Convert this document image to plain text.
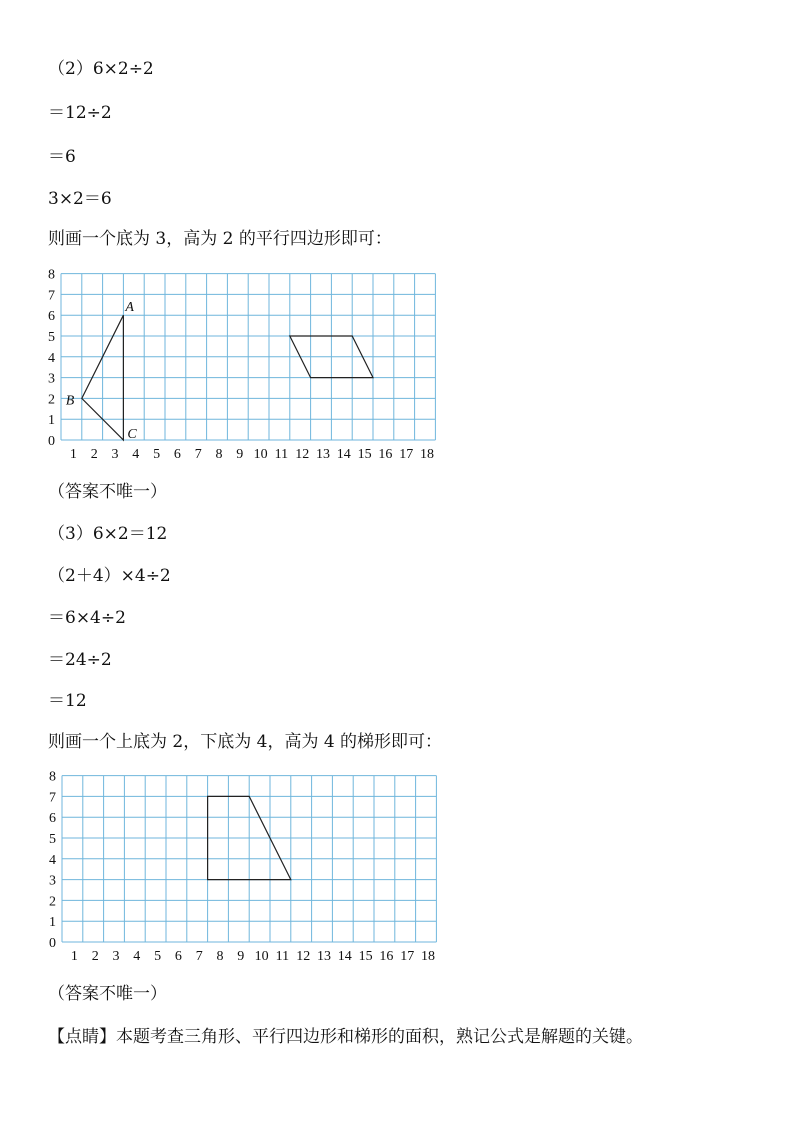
（2）6×2÷2
＝12÷2
＝6
3×2＝6
则画一个底为 3，高为 2 的平行四边形即可：
0
1
2
3
4
5
6
7
8
1 2 3 4 5 6 7 8 9 10 11 12 13 14 15 16 17 18
A
B
C
（答案不唯一）
（3）6×2＝12
（2＋4）×4÷2
＝6×4÷2
＝24÷2
＝12
则画一个上底为 2，下底为 4，高为 4 的梯形即可：
0
1
2
3
4
5
6
7
8
1 2 3 4 5 6 7 8 9 10 11 12 13 14 15 16 17 18
（答案不唯一）
【点睛】本题考查三角形、平行四边形和梯形的面积，熟记公式是解题的关键。
